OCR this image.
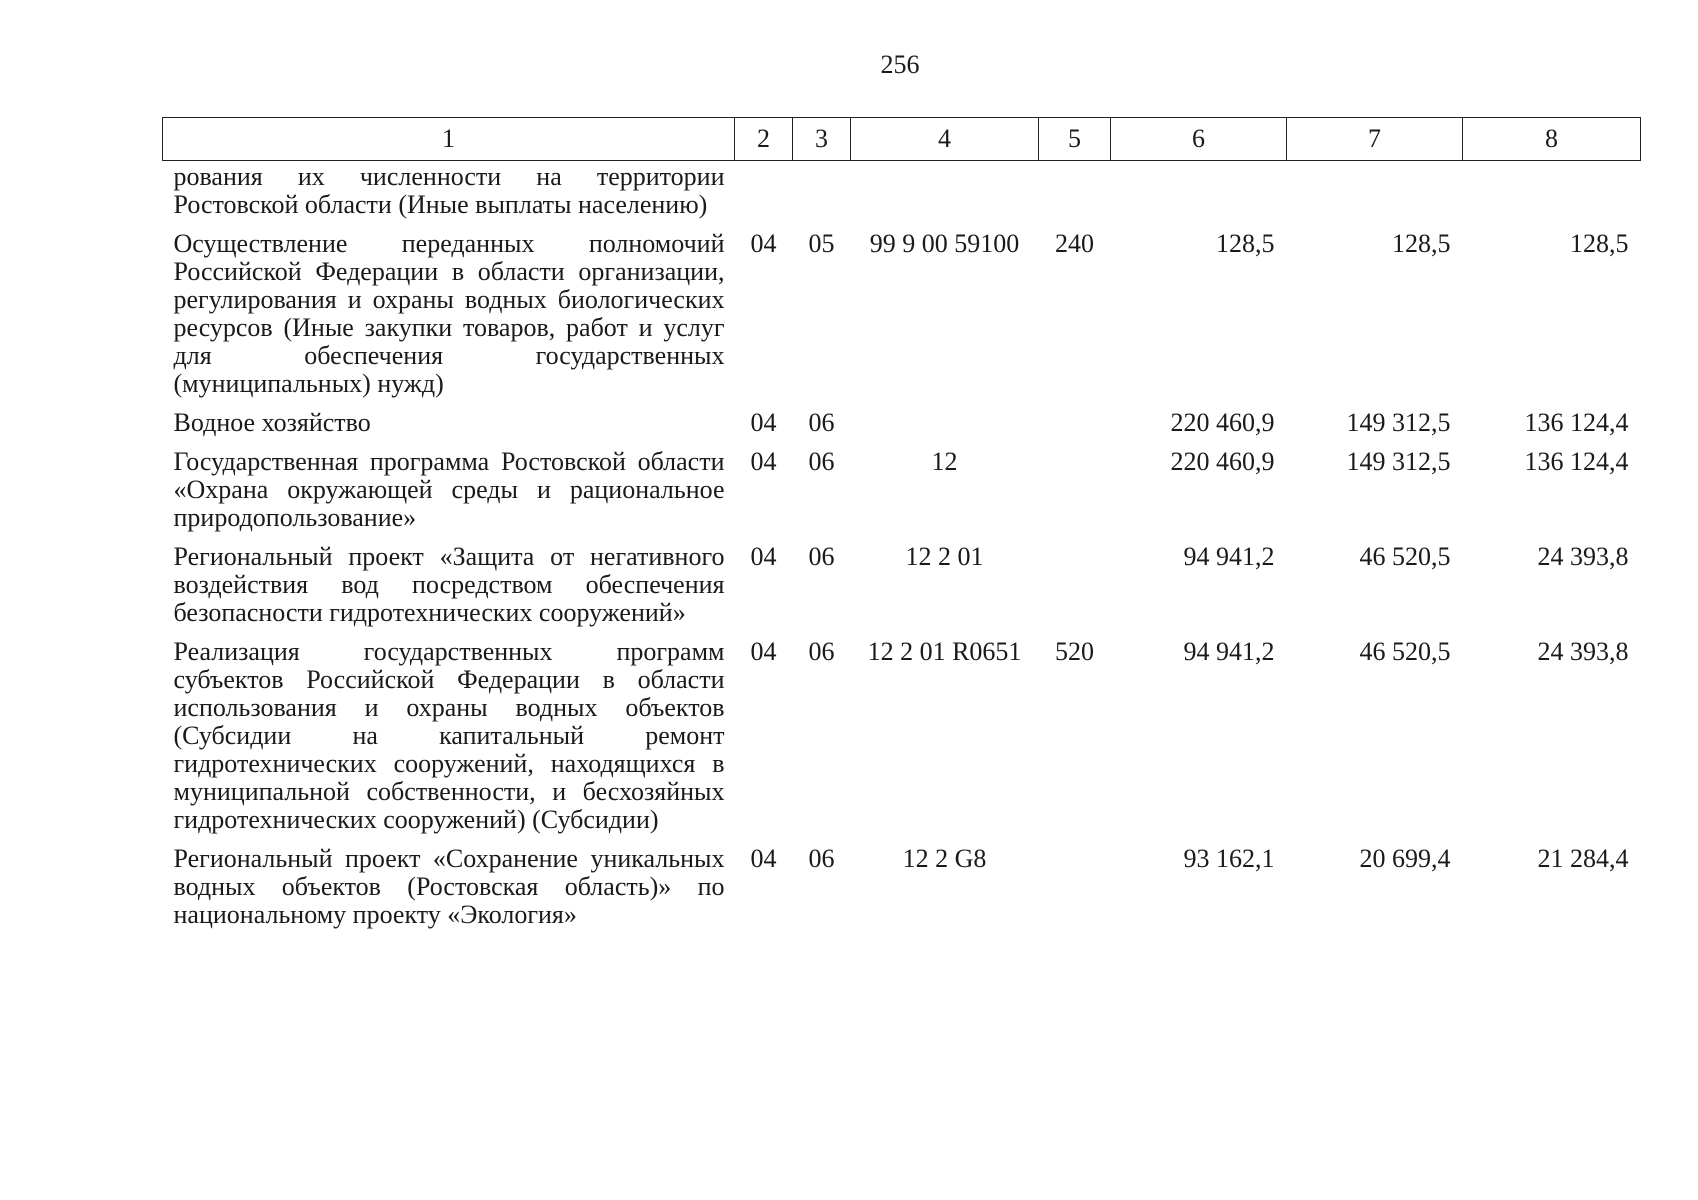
256
1	2	3	4	5	6	7	8
рования их численности на территории Ростовской области (Иные выплаты населению)							
Осуществление переданных полномочий Российской Федерации в области организации, регулирования и охраны водных биологических ресурсов (Иные закупки товаров, работ и услуг для обеспечения государственных (муниципальных) нужд)	04	05	99 9 00 59100	240	128,5	128,5	128,5
Водное хозяйство	04	06			220 460,9	149 312,5	136 124,4
Государственная программа Ростовской области «Охрана окружающей среды и рациональное природопользование»	04	06	12		220 460,9	149 312,5	136 124,4
Региональный проект «Защита от негативного воздействия вод посредством обеспечения безопасности гидротехнических сооружений»	04	06	12 2 01		94 941,2	46 520,5	24 393,8
Реализация государственных программ субъектов Российской Федерации в области использования и охраны водных объектов (Субсидии на капитальный ремонт гидротехнических сооружений, находящихся в муниципальной собственности, и бесхозяйных гидротехнических сооружений) (Субсидии)	04	06	12 2 01 R0651	520	94 941,2	46 520,5	24 393,8
Региональный проект «Сохранение уникальных водных объектов (Ростовская область)» по национальному проекту «Экология»	04	06	12 2 G8		93 162,1	20 699,4	21 284,4
